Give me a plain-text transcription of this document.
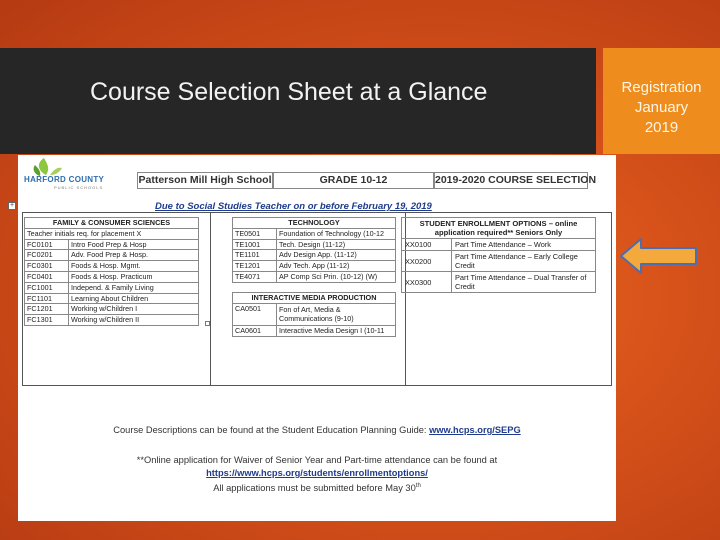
Course Selection Sheet at a Glance	Registration
January
2019
HARFORD COUNTY
PUBLIC SCHOOLS
Patterson Mill High School	GRADE 10-12	2019-2020 COURSE SELECTION
+	Due to Social Studies Teacher on or before February 19, 2019
FAMILY & CONSUMER SCIENCES	
Teacher initials req. for placement X	
FC0101	Intro Food Prep & Hosp
FC0201	Adv. Food Prep & Hosp.
FC0301	Foods & Hosp. Mgmt.
FC0401	Foods & Hosp. Practicum
FC1001	Independ. & Family Living
FC1101	Learning About Children
FC1201	Working w/Children I
FC1301	Working w/Children II
TECHNOLOGY	
TE0501	Foundation of Technology (10-12
TE1001	Tech. Design (11-12)
TE1101	Adv Design App. (11-12)
TE1201	Adv Tech. App (11-12)
TE4071	AP Comp Sci Prin. (10-12) (W)
INTERACTIVE MEDIA PRODUCTION	
CA0501	Fon of Art, Media &
Communications (9-10)

CA0601	Interactive Media Design I (10-11
STUDENT ENROLLMENT OPTIONS – online application required** Seniors Only	
XX0100	Part Time Attendance – Work
XX0200	Part Time Attendance – Early College Credit
XX0300	Part Time Attendance – Dual Transfer of Credit
Course Descriptions can be found at the Student Education Planning Guide: www.hcps.org/SEPG
**Online application for Waiver of Senior Year and Part-time attendance can be found at
https://www.hcps.org/students/enrollmentoptions/
All applications must be submitted before May 30th
